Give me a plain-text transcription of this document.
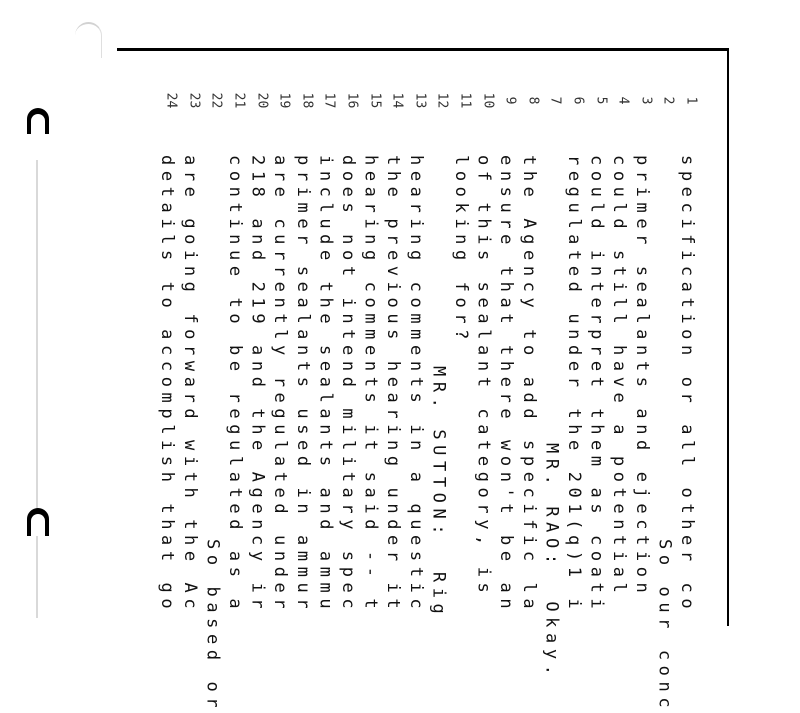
1
specification or all other co
2
So our conc
3
primer sealants and ejection
4
could still have a potential
5
could interpret them as coati
6
regulated under the 201(q)1 i
7
MR. RAO:  Okay.
8
the Agency to add specific la
9
ensure that there won't be an
10
of this sealant category, is
11
looking for?
12
MR. SUTTON:  Rig
13
hearing comments in a questic
14
the previous hearing under it
15
hearing comments it said -- t
16
does not intend military spec
17
include the sealants and ammu
18
primer sealants used in ammur
19
are currently regulated under
20
218 and 219 and the Agency ir
21
continue to be regulated as a
22
So based or
23
are going forward with the Ac
24
details to accomplish that go
